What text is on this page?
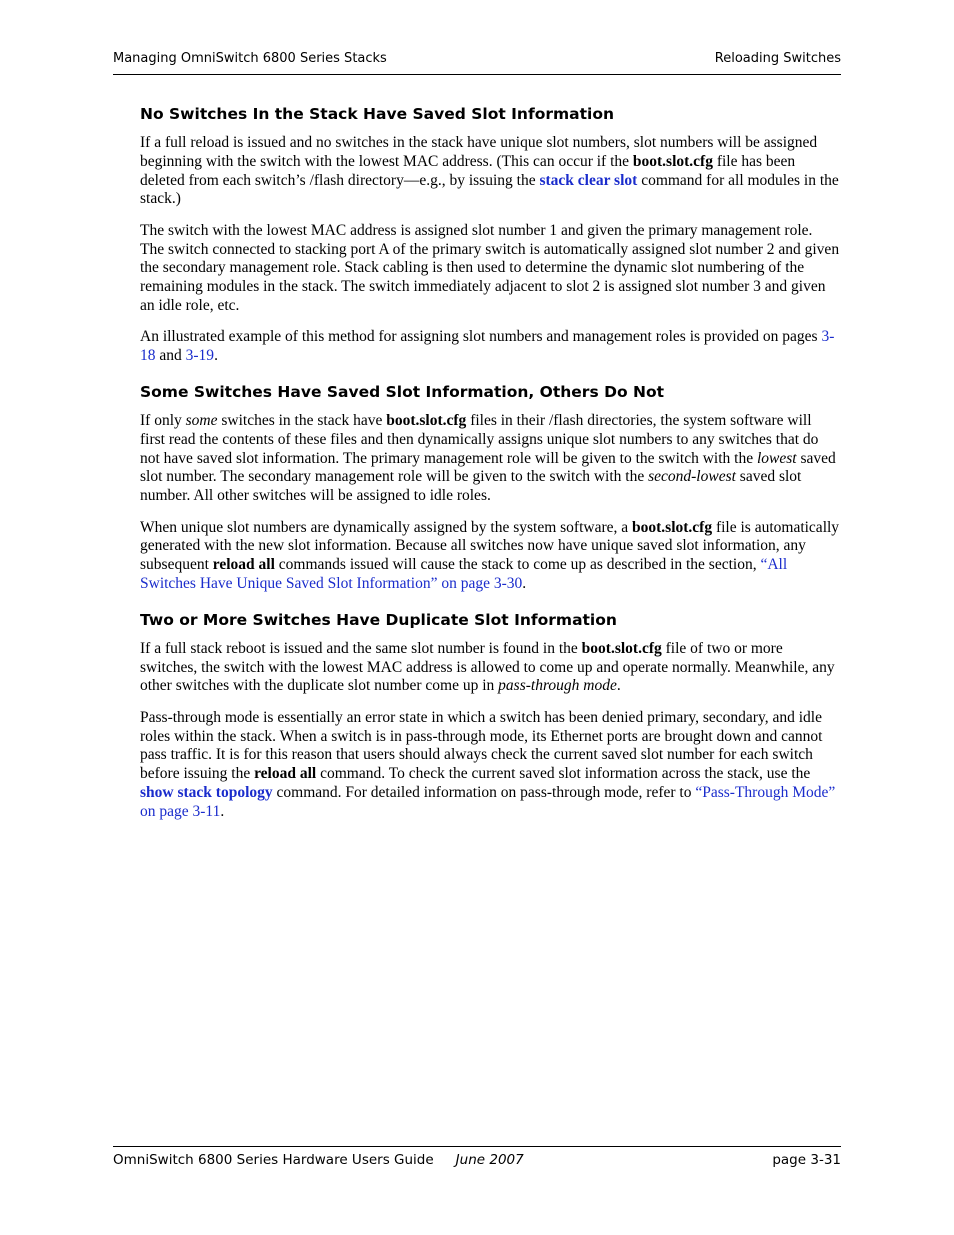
Managing OmniSwitch 6800 Series Stacks	Reloading Switches
No Switches In the Stack Have Saved Slot Information

If a full reload is issued and no switches in the stack have unique slot numbers, slot numbers will be assigned beginning with the switch with the lowest MAC address. (This can occur if the boot.slot.cfg file has been deleted from each switch’s /flash directory—e.g., by issuing the stack clear slot command for all modules in the stack.)

The switch with the lowest MAC address is assigned slot number 1 and given the primary management role. The switch connected to stacking port A of the primary switch is automatically assigned slot number 2 and given the secondary management role. Stack cabling is then used to determine the dynamic slot numbering of the remaining modules in the stack. The switch immediately adjacent to slot 2 is assigned slot number 3 and given an idle role, etc.

An illustrated example of this method for assigning slot numbers and management roles is provided on pages 3-18 and 3-19.

Some Switches Have Saved Slot Information, Others Do Not

If only some switches in the stack have boot.slot.cfg files in their /flash directories, the system software will first read the contents of these files and then dynamically assigns unique slot numbers to any switches that do not have saved slot information. The primary management role will be given to the switch with the lowest saved slot number. The secondary management role will be given to the switch with the second-lowest saved slot number. All other switches will be assigned to idle roles.

When unique slot numbers are dynamically assigned by the system software, a boot.slot.cfg file is automatically generated with the new slot information. Because all switches now have unique saved slot information, any subsequent reload all commands issued will cause the stack to come up as described in the section, “All Switches Have Unique Saved Slot Information” on page 3-30.

Two or More Switches Have Duplicate Slot Information

If a full stack reboot is issued and the same slot number is found in the boot.slot.cfg file of two or more switches, the switch with the lowest MAC address is allowed to come up and operate normally. Meanwhile, any other switches with the duplicate slot number come up in pass-through mode.

Pass-through mode is essentially an error state in which a switch has been denied primary, secondary, and idle roles within the stack. When a switch is in pass-through mode, its Ethernet ports are brought down and cannot pass traffic. It is for this reason that users should always check the current saved slot number for each switch before issuing the reload all command. To check the current saved slot information across the stack, use the show stack topology command. For detailed information on pass-through mode, refer to “Pass-Through Mode” on page 3-11.

OmniSwitch 6800 Series Hardware Users Guide June 2007	page 3-31
